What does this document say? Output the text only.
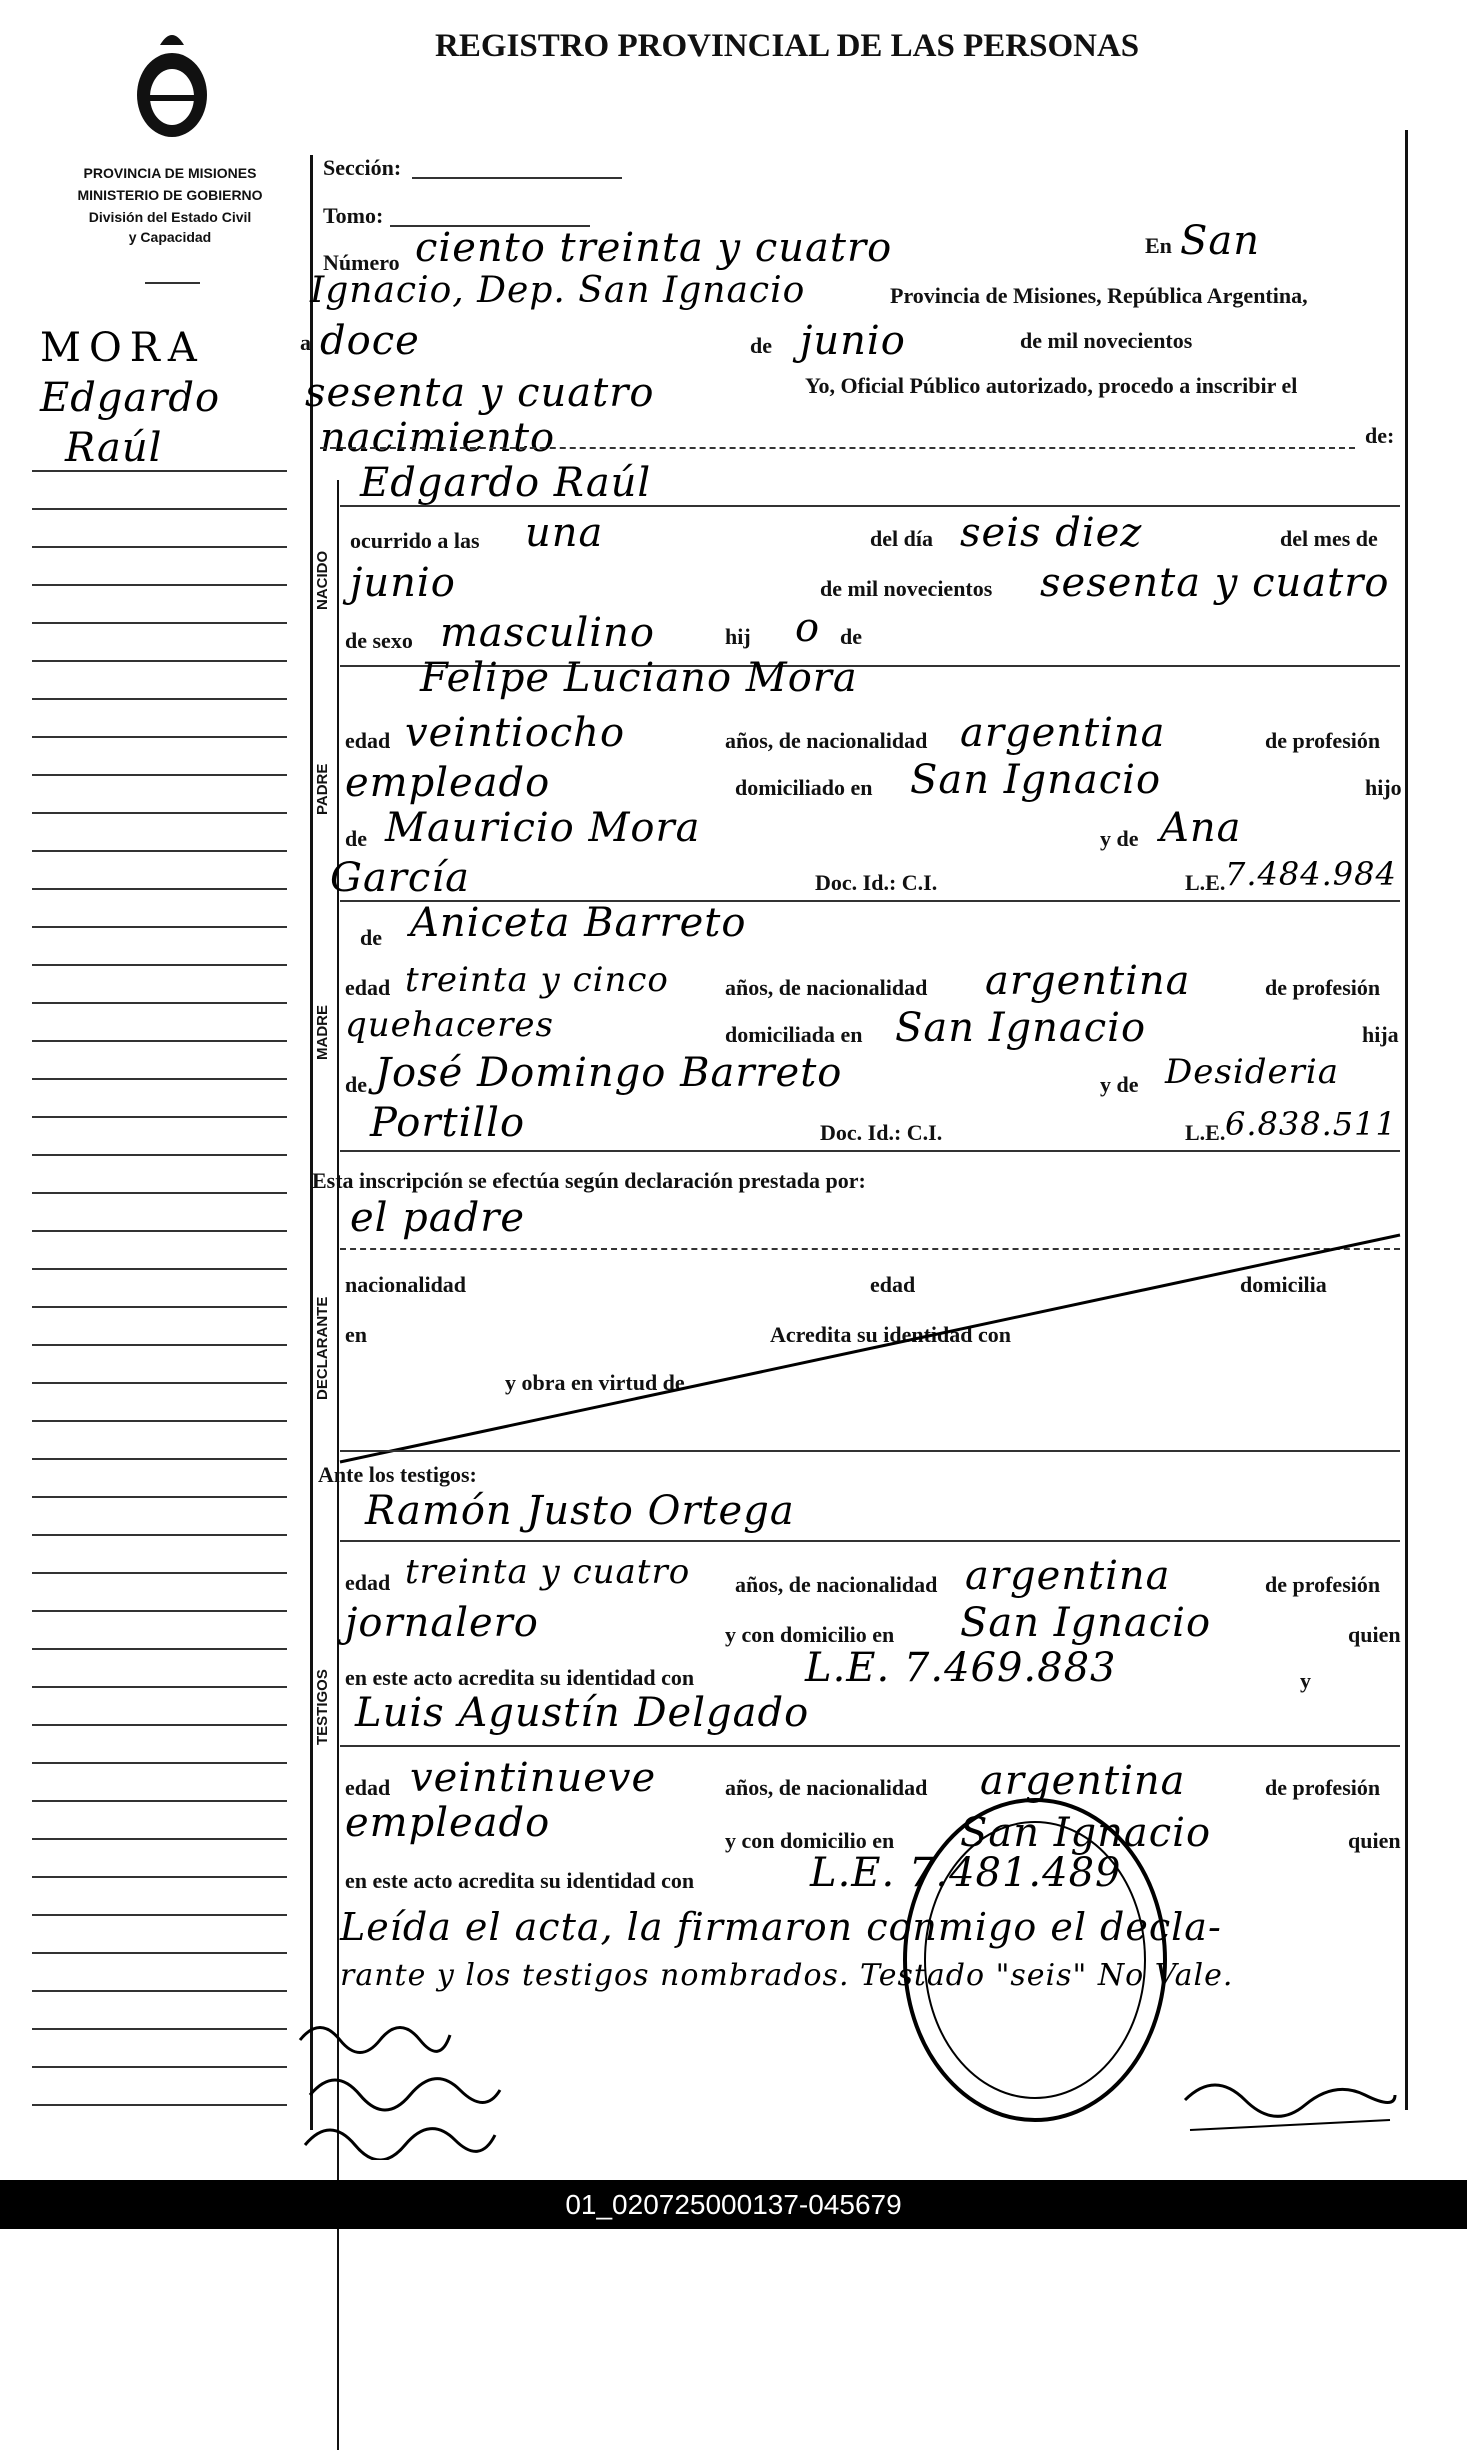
REGISTRO PROVINCIAL DE LAS PERSONAS
PROVINCIA DE MISIONES
MINISTERIO DE GOBIERNO
División del Estado Civil
y Capacidad
MORA
Edgardo
Raúl
Sección:
Tomo:
Número ciento treinta y cuatro	En San
Ignacio, Dep. San Ignacio	Provincia de Misiones, República Argentina,
a doce	de junio	de mil novecientos
sesenta y cuatro	Yo, Oficial Público autorizado, procedo a inscribir el
nacimiento	de:
NACIDO
Edgardo Raúl
ocurrido a las una	del día seis diez	del mes de
junio	de mil novecientos sesenta y cuatro
de sexo masculino	hij o de
PADRE
Felipe Luciano Mora
edad veintiocho	años, de nacionalidad argentina	de profesión
empleado	domiciliado en San Ignacio	hijo
de Mauricio Mora	y de Ana
García	Doc. Id.: C.I.	L.E. 7.484.984
MADRE
de Aniceta Barreto
edad treinta y cinco	años, de nacionalidad argentina	de profesión
quehaceres	domiciliada en San Ignacio	hija
de José Domingo Barreto	y de Desideria
Portillo	Doc. Id.: C.I.	L.E. 6.838.511
Esta inscripción se efectúa según declaración prestada por:
el padre
DECLARANTE
nacionalidad	edad	domicilia
en	Acredita su identidad con
y obra en virtud de
Ante los testigos:
TESTIGOS
Ramón Justo Ortega
edad treinta y cuatro años, de nacionalidad argentina	de profesión
jornalero	y con domicilio en San Ignacio	quien
en este acto acredita su identidad con	L.E. 7.469.883	y
Luis Agustín Delgado
edad veintinueve	años, de nacionalidad argentina	de profesión
empleado	y con domicilio en San Ignacio	quien
en este acto acredita su identidad con	L.E. 7.481.489
Leída el acta, la firmaron conmigo el decla-
rante y los testigos nombrados. Testado "seis" No Vale.
01_020725000137-045679
